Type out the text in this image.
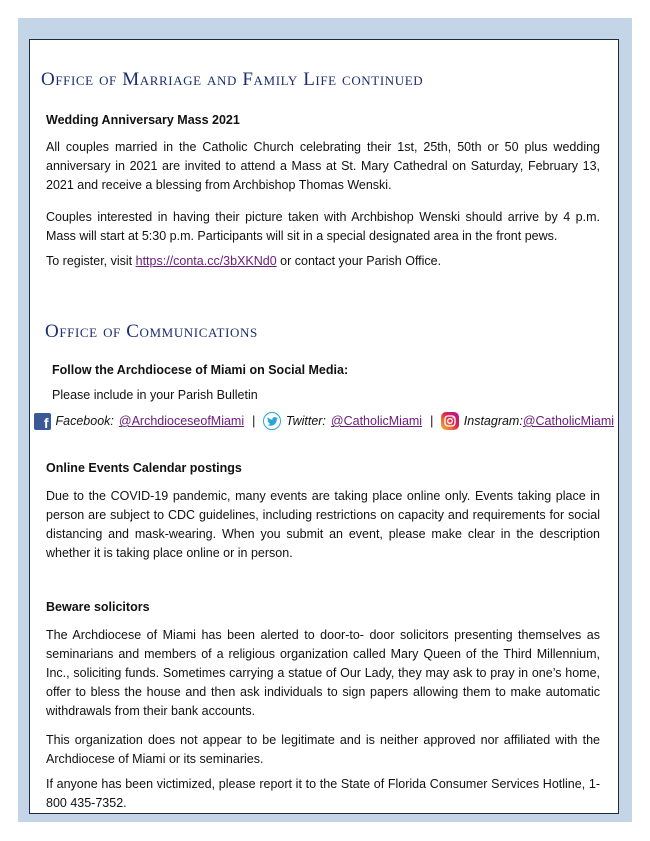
Office of Marriage and Family Life continued
Wedding Anniversary Mass 2021

All couples married in the Catholic Church celebrating their 1st, 25th, 50th or 50 plus wedding anniversary in 2021 are invited to attend a Mass at St. Mary Cathedral on Saturday, February 13, 2021 and receive a blessing from Archbishop Thomas Wenski.

Couples interested in having their picture taken with Archbishop Wenski should arrive by 4 p.m. Mass will start at 5:30 p.m. Participants will sit in a special designated area in the front pews.

To register, visit https://conta.cc/3bXKNd0 or contact your Parish Office.

Office of Communications
Follow the Archdiocese of Miami on Social Media:
Please include in your Parish Bulletin
f Facebook: @ArchdioceseofMiami | Twitter: @CatholicMiami | Instagram: @CatholicMiami
Online Events Calendar postings

Due to the COVID-19 pandemic, many events are taking place online only. Events taking place in person are subject to CDC guidelines, including restrictions on capacity and requirements for social distancing and mask-wearing. When you submit an event, please make clear in the description whether it is taking place online or in person.

Beware solicitors

The Archdiocese of Miami has been alerted to door-to- door solicitors presenting themselves as seminarians and members of a religious organization called Mary Queen of the Third Millennium, Inc., soliciting funds. Sometimes carrying a statue of Our Lady, they may ask to pray in one’s home, offer to bless the house and then ask individuals to sign papers allowing them to make automatic withdrawals from their bank accounts.

This organization does not appear to be legitimate and is neither approved nor affiliated with the Archdiocese of Miami or its seminaries.

If anyone has been victimized, please report it to the State of Florida Consumer Services Hotline, 1-800 435-7352.
